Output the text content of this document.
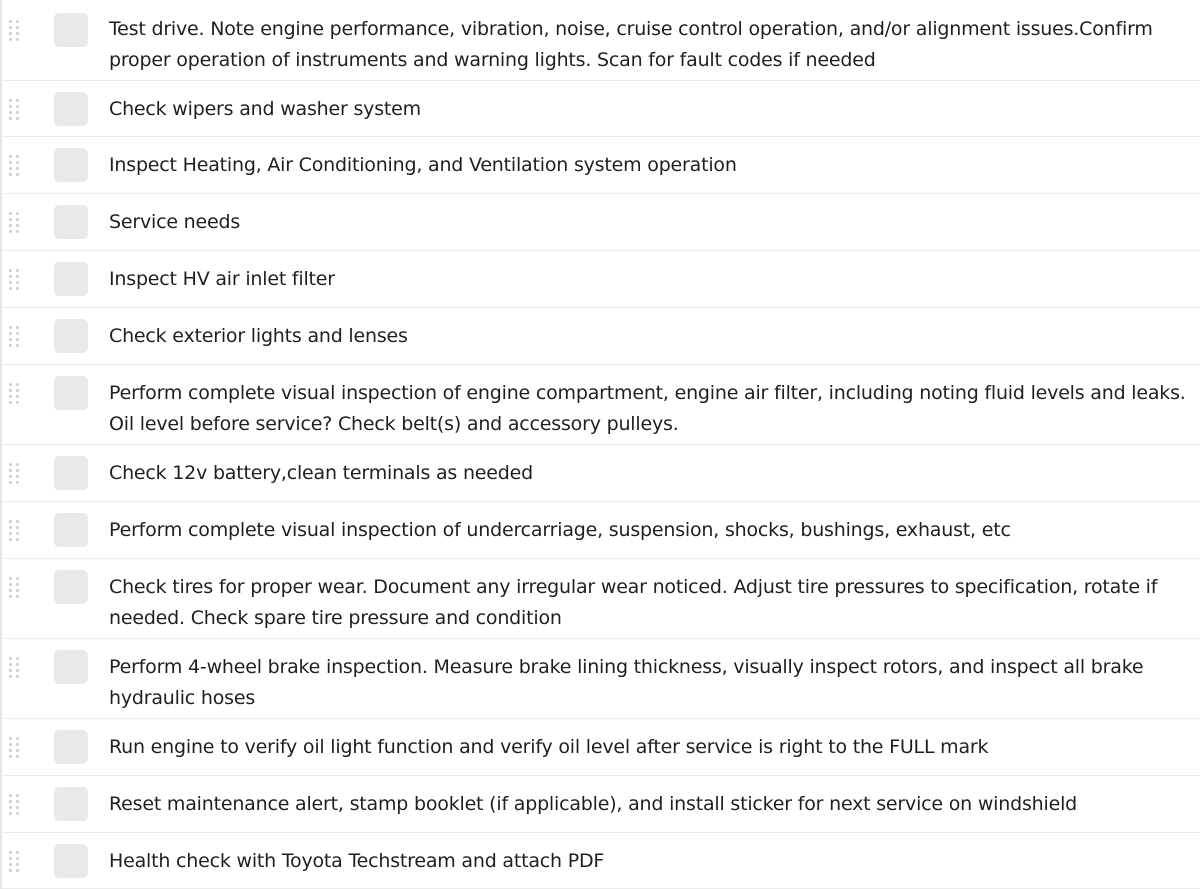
Test drive. Note engine performance, vibration, noise, cruise control operation, and/or alignment issues.Confirm proper operation of instruments and warning lights. Scan for fault codes if needed
Check wipers and washer system
Inspect Heating, Air Conditioning, and Ventilation system operation
Service needs
Inspect HV air inlet filter
Check exterior lights and lenses
Perform complete visual inspection of engine compartment, engine air filter, including noting fluid levels and leaks. Oil level before service? Check belt(s) and accessory pulleys.
Check 12v battery,clean terminals as needed
Perform complete visual inspection of undercarriage, suspension, shocks, bushings, exhaust, etc
Check tires for proper wear. Document any irregular wear noticed. Adjust tire pressures to specification, rotate if needed. Check spare tire pressure and condition
Perform 4-wheel brake inspection. Measure brake lining thickness, visually inspect rotors, and inspect all brake hydraulic hoses
Run engine to verify oil light function and verify oil level after service is right to the FULL mark
Reset maintenance alert, stamp booklet (if applicable), and install sticker for next service on windshield
Health check with Toyota Techstream and attach PDF
